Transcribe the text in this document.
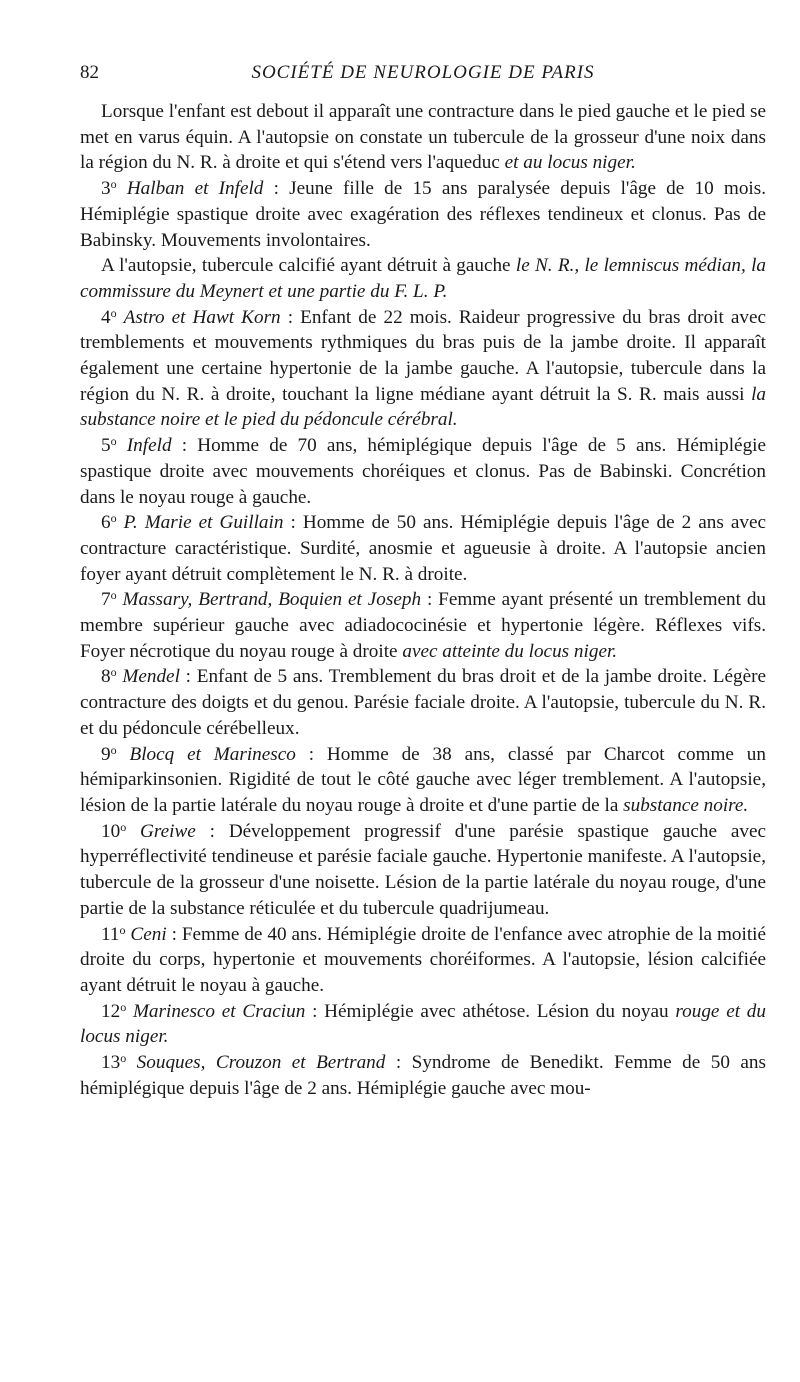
82	SOCIÉTÉ DE NEUROLOGIE DE PARIS

Lorsque l'enfant est debout il apparaît une contracture dans le pied gauche et le pied se met en varus équin. A l'autopsie on constate un tubercule de la grosseur d'une noix dans la région du N. R. à droite et qui s'étend vers l'aqueduc et au locus niger.

3$^o$ Halban et Infeld : Jeune fille de 15 ans paralysée depuis l'âge de 10 mois. Hémiplégie spastique droite avec exagération des réflexes tendineux et clonus. Pas de Babinsky. Mouvements involontaires.

A l'autopsie, tubercule calcifié ayant détruit à gauche le N. R., le lemniscus médian, la commissure du Meynert et une partie du F. L. P.

4$^o$ Astro et Hawt Korn : Enfant de 22 mois. Raideur progressive du bras droit avec tremblements et mouvements rythmiques du bras puis de la jambe droite. Il apparaît également une certaine hypertonie de la jambe gauche. A l'autopsie, tubercule dans la région du N. R. à droite, touchant la ligne médiane ayant détruit la S. R. mais aussi la substance noire et le pied du pédoncule cérébral.

5$^o$ Infeld : Homme de 70 ans, hémiplégique depuis l'âge de 5 ans. Hémiplégie spastique droite avec mouvements choréiques et clonus. Pas de Babinski. Concrétion dans le noyau rouge à gauche.

6$^o$ P. Marie et Guillain : Homme de 50 ans. Hémiplégie depuis l'âge de 2 ans avec contracture caractéristique. Surdité, anosmie et agueusie à droite. A l'autopsie ancien foyer ayant détruit complètement le N. R. à droite.

7$^o$ Massary, Bertrand, Boquien et Joseph : Femme ayant présenté un tremblement du membre supérieur gauche avec adiadococinésie et hypertonie légère. Réflexes vifs. Foyer nécrotique du noyau rouge à droite avec atteinte du locus niger.

8$^o$ Mendel : Enfant de 5 ans. Tremblement du bras droit et de la jambe droite. Légère contracture des doigts et du genou. Parésie faciale droite. A l'autopsie, tubercule du N. R. et du pédoncule cérébelleux.

9$^o$ Blocq et Marinesco : Homme de 38 ans, classé par Charcot comme un hémiparkinsonien. Rigidité de tout le côté gauche avec léger tremblement. A l'autopsie, lésion de la partie latérale du noyau rouge à droite et d'une partie de la substance noire.

10$^o$ Greiwe : Développement progressif d'une parésie spastique gauche avec hyperréflectivité tendineuse et parésie faciale gauche. Hypertonie manifeste. A l'autopsie, tubercule de la grosseur d'une noisette. Lésion de la partie latérale du noyau rouge, d'une partie de la substance réticulée et du tubercule quadrijumeau.

11$^o$ Ceni : Femme de 40 ans. Hémiplégie droite de l'enfance avec atrophie de la moitié droite du corps, hypertonie et mouvements choréiformes. A l'autopsie, lésion calcifiée ayant détruit le noyau à gauche.

12$^o$ Marinesco et Craciun : Hémiplégie avec athétose. Lésion du noyau rouge et du locus niger.

13$^o$ Souques, Crouzon et Bertrand : Syndrome de Benedikt. Femme de 50 ans hémiplégique depuis l'âge de 2 ans. Hémiplégie gauche avec mou-
